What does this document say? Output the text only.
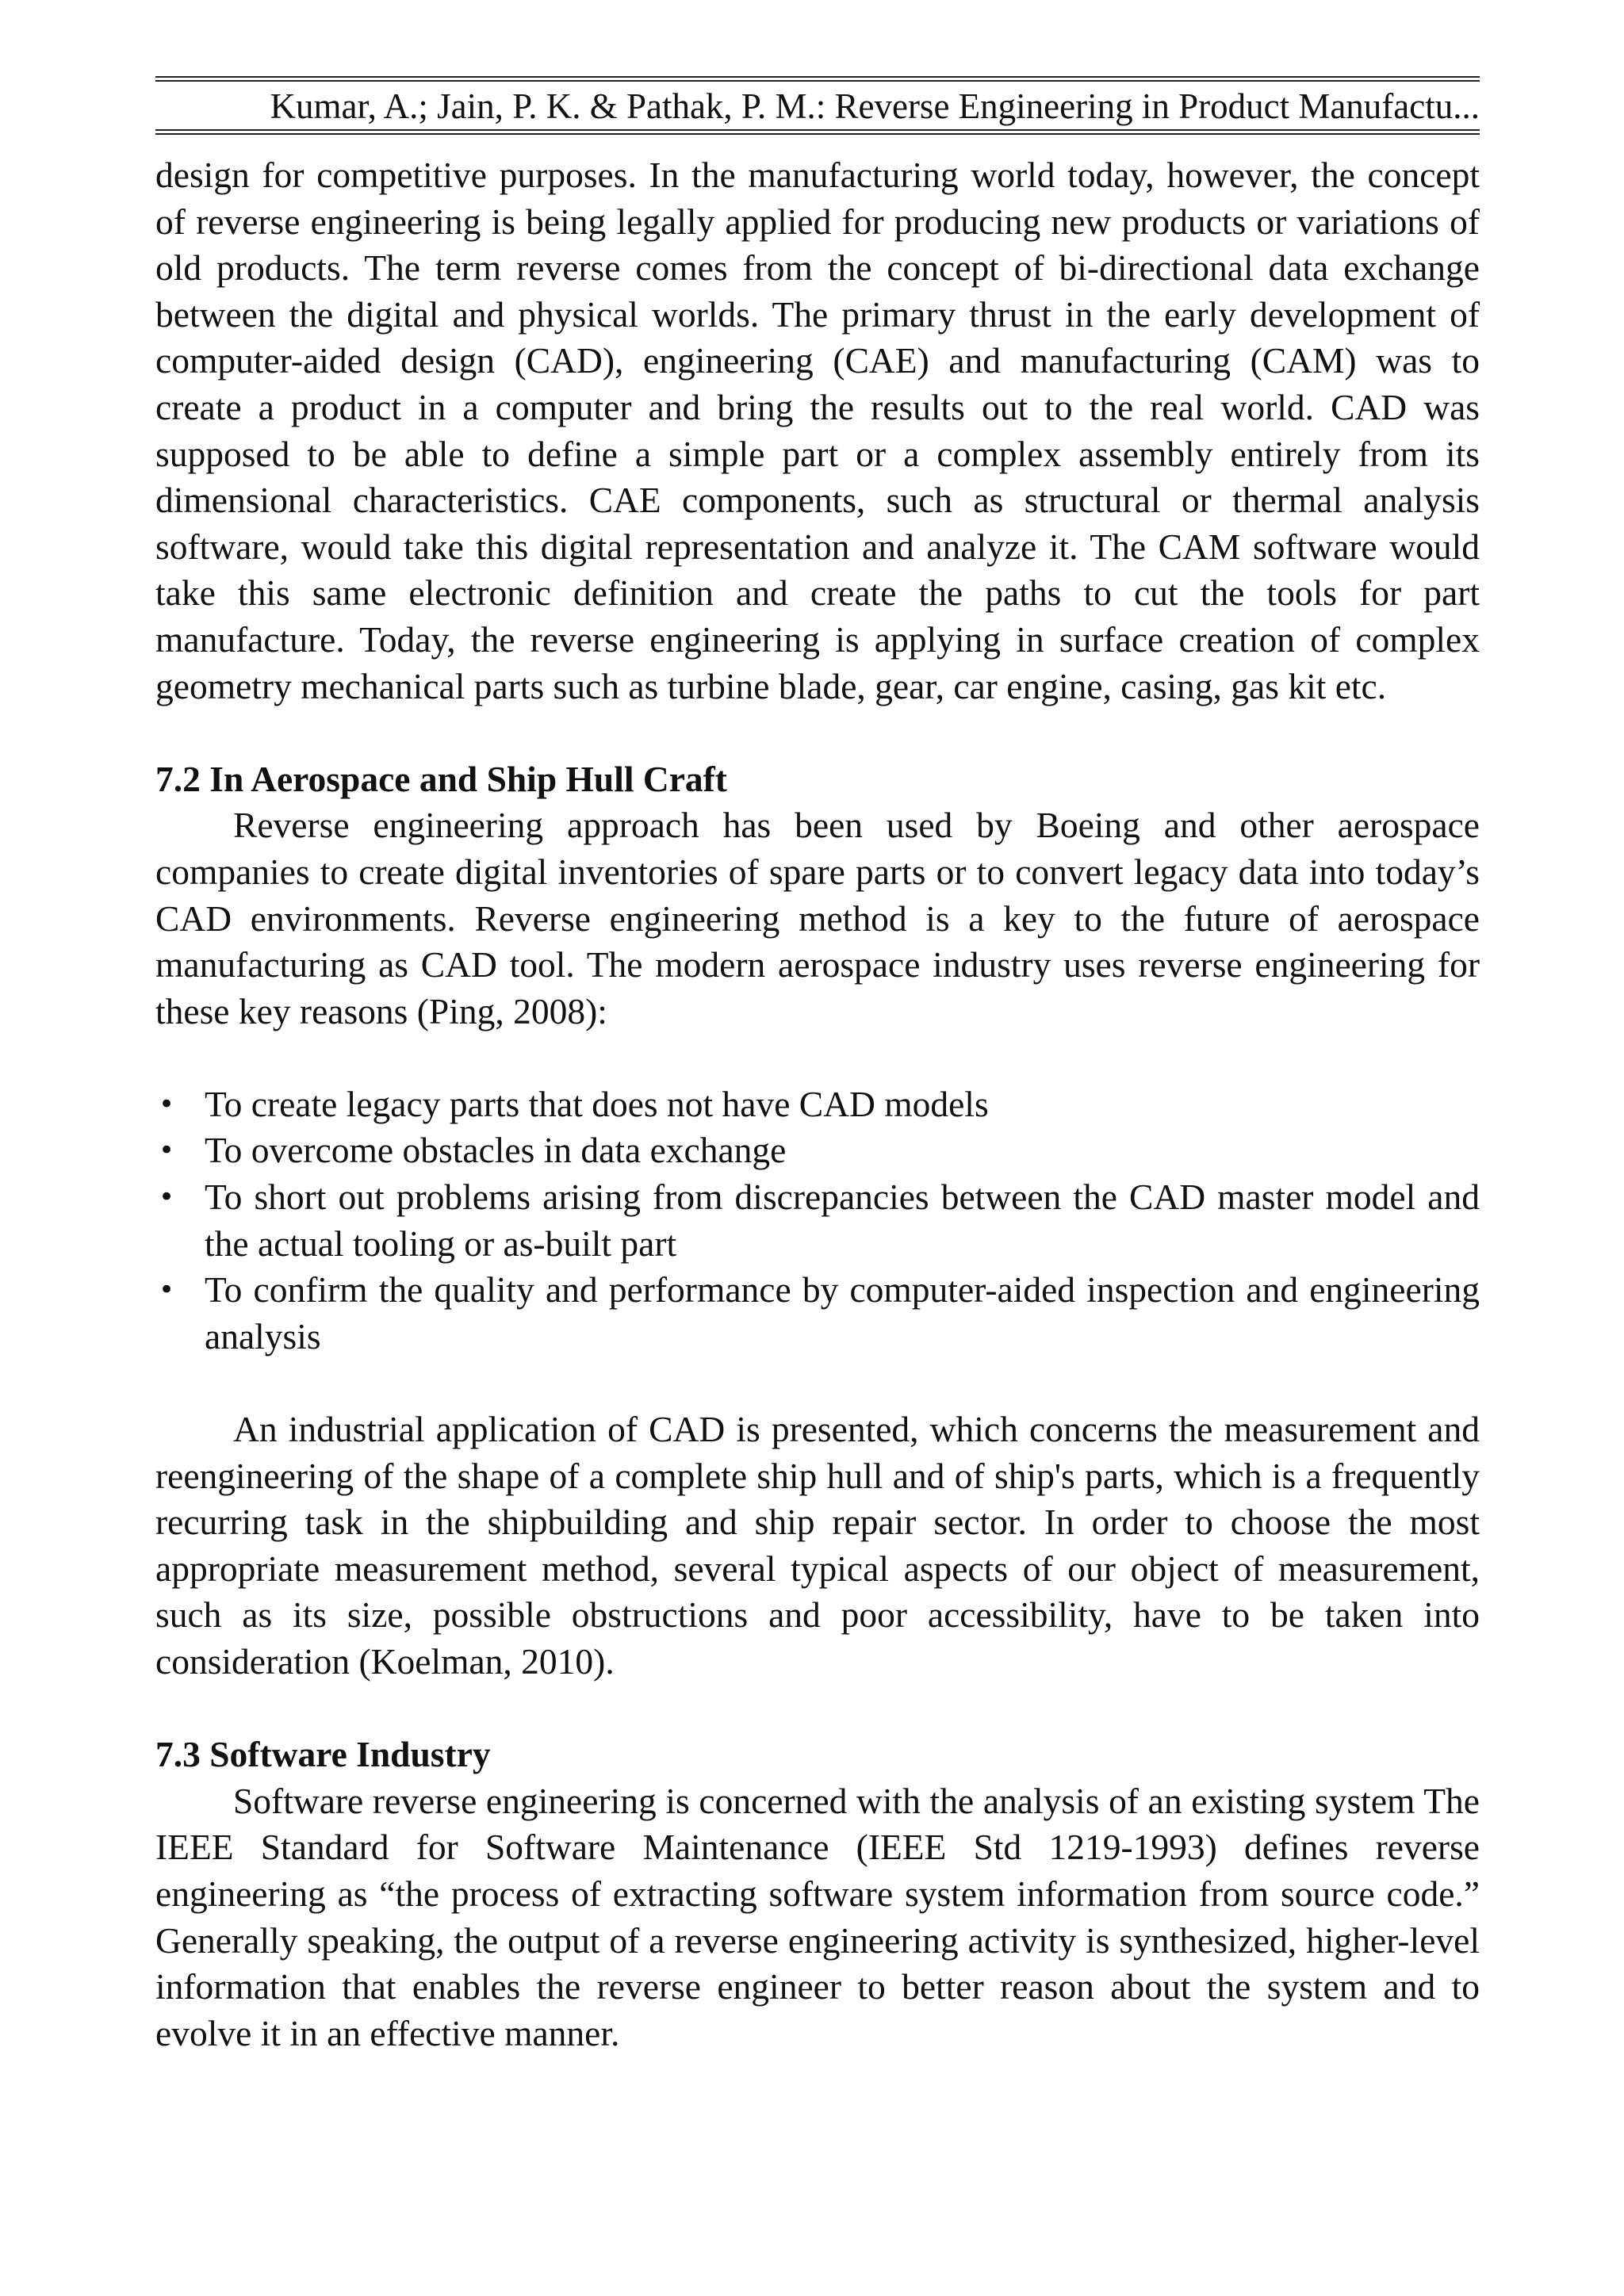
Kumar, A.; Jain, P. K. & Pathak, P. M.: Reverse Engineering in Product Manufactu...

design for competitive purposes. In the manufacturing world today, however, the concept of reverse engineering is being legally applied for producing new products or variations of old products. The term reverse comes from the concept of bi-directional data exchange between the digital and physical worlds. The primary thrust in the early development of computer-aided design (CAD), engineering (CAE) and manufacturing (CAM) was to create a product in a computer and bring the results out to the real world. CAD was supposed to be able to define a simple part or a complex assembly entirely from its dimensional characteristics. CAE components, such as structural or thermal analysis software, would take this digital representation and analyze it. The CAM software would take this same electronic definition and create the paths to cut the tools for part manufacture. Today, the reverse engineering is applying in surface creation of complex geometry mechanical parts such as turbine blade, gear, car engine, casing, gas kit etc.

7.2 In Aerospace and Ship Hull Craft

Reverse engineering approach has been used by Boeing and other aerospace companies to create digital inventories of spare parts or to convert legacy data into today’s CAD environments. Reverse engineering method is a key to the future of aerospace manufacturing as CAD tool. The modern aerospace industry uses reverse engineering for these key reasons (Ping, 2008):

• To create legacy parts that does not have CAD models
• To overcome obstacles in data exchange
• To short out problems arising from discrepancies between the CAD master model and the actual tooling or as-built part
• To confirm the quality and performance by computer-aided inspection and engineering analysis

An industrial application of CAD is presented, which concerns the measurement and reengineering of the shape of a complete ship hull and of ship's parts, which is a frequently recurring task in the shipbuilding and ship repair sector. In order to choose the most appropriate measurement method, several typical aspects of our object of measurement, such as its size, possible obstructions and poor accessibility, have to be taken into consideration (Koelman, 2010).

7.3 Software Industry

Software reverse engineering is concerned with the analysis of an existing system The IEEE Standard for Software Maintenance (IEEE Std 1219-1993) defines reverse engineering as “the process of extracting software system information from source code.” Generally speaking, the output of a reverse engineering activity is synthesized, higher-level information that enables the reverse engineer to better reason about the system and to evolve it in an effective manner.
